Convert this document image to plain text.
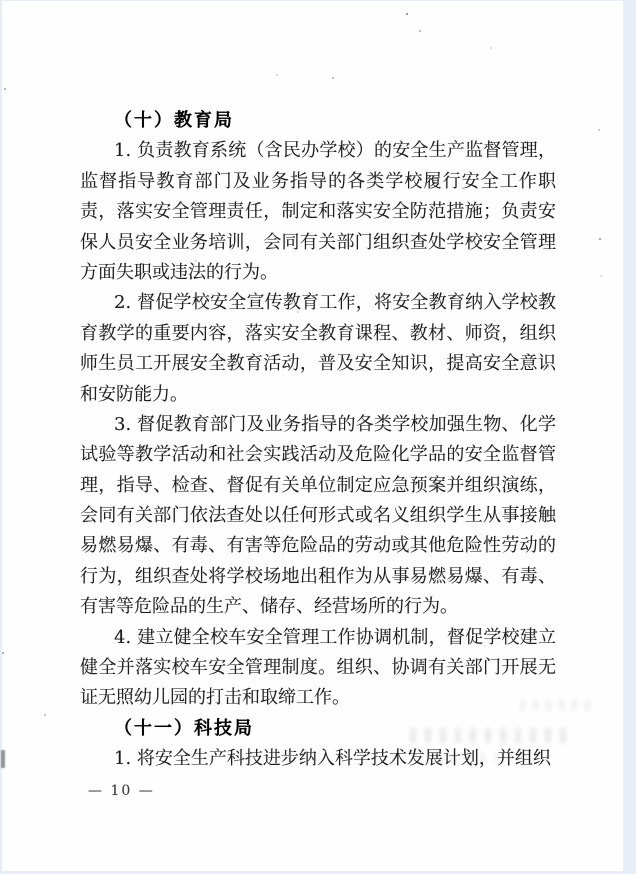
（十）教育局
1. 负责教育系统（含民办学校）的安全生产监督管理，
监督指导教育部门及业务指导的各类学校履行安全工作职
责，落实安全管理责任，制定和落实安全防范措施；负责安
保人员安全业务培训，会同有关部门组织查处学校安全管理
方面失职或违法的行为。
2. 督促学校安全宣传教育工作，将安全教育纳入学校教
育教学的重要内容，落实安全教育课程、教材、师资，组织
师生员工开展安全教育活动，普及安全知识，提高安全意识
和安防能力。
3. 督促教育部门及业务指导的各类学校加强生物、化学
试验等教学活动和社会实践活动及危险化学品的安全监督管
理，指导、检查、督促有关单位制定应急预案并组织演练，
会同有关部门依法查处以任何形式或名义组织学生从事接触
易燃易爆、有毒、有害等危险品的劳动或其他危险性劳动的
行为，组织查处将学校场地出租作为从事易燃易爆、有毒、
有害等危险品的生产、储存、经营场所的行为。
4. 建立健全校车安全管理工作协调机制，督促学校建立
健全并落实校车安全管理制度。组织、协调有关部门开展无
证无照幼儿园的打击和取缔工作。
（十一）科技局
1. 将安全生产科技进步纳入科学技术发展计划，并组织
— 10 —
